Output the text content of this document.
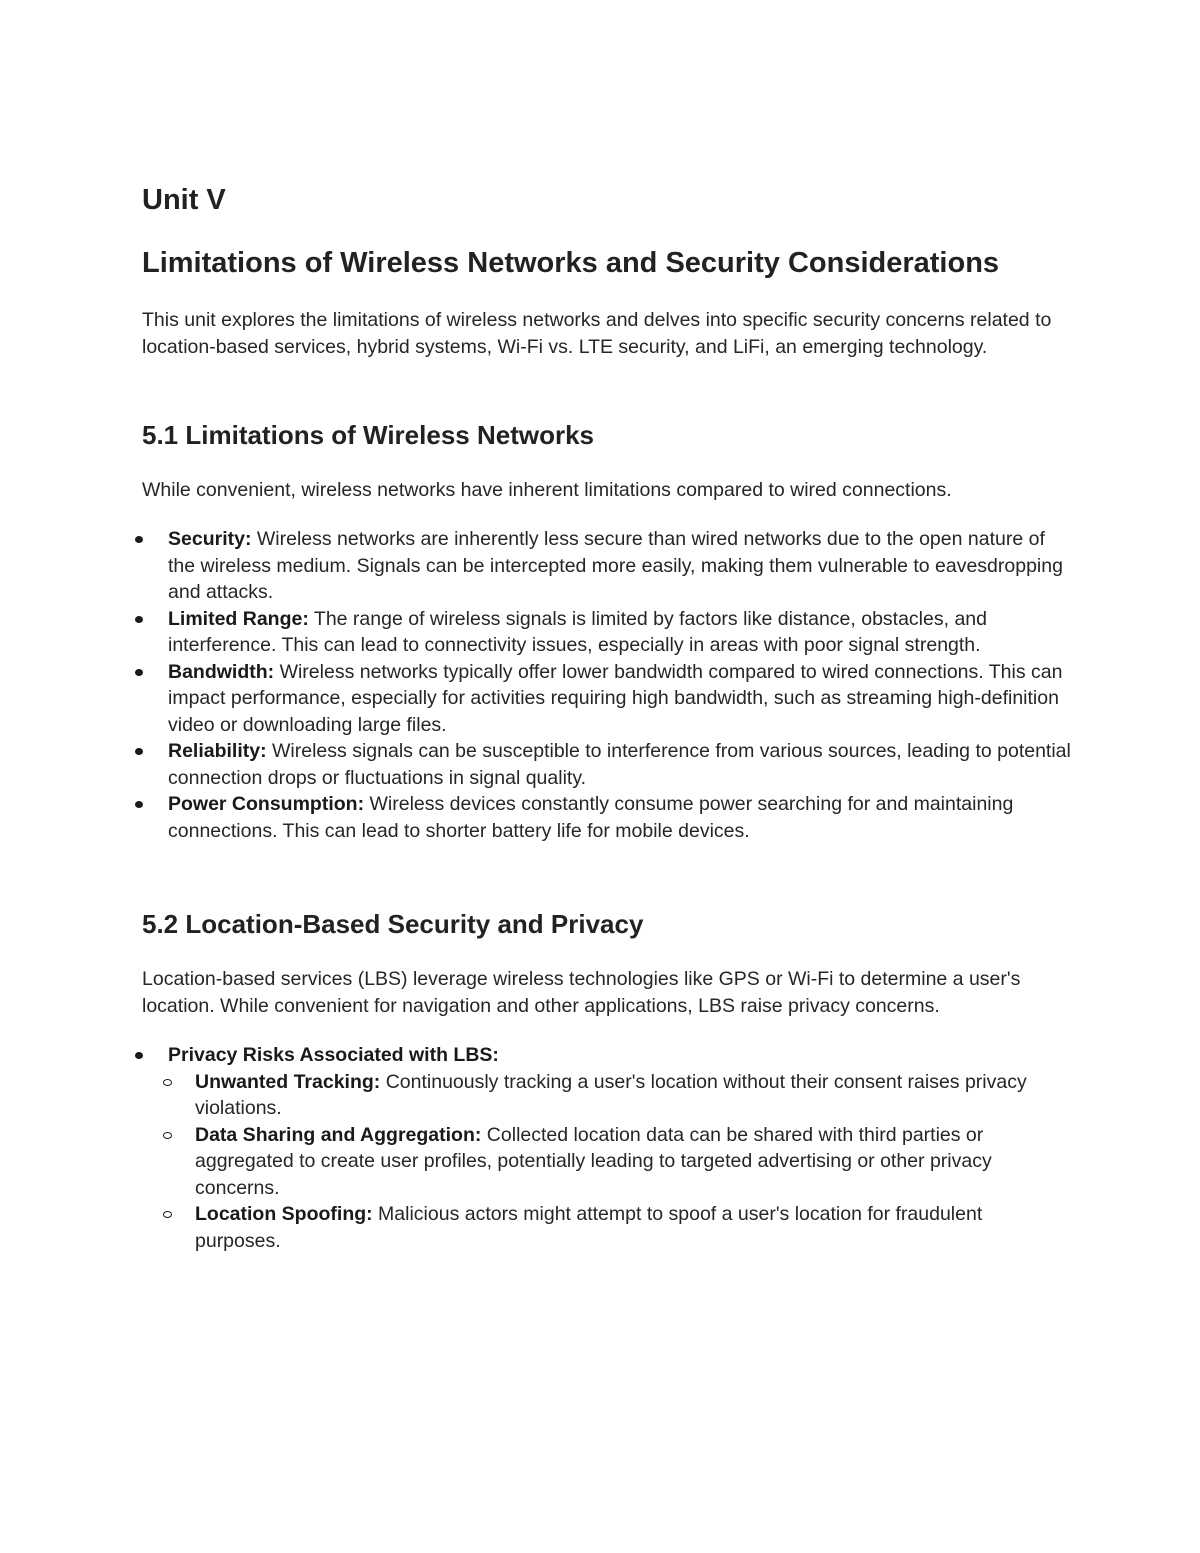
Unit V
Limitations of Wireless Networks and Security Considerations

This unit explores the limitations of wireless networks and delves into specific security concerns related to location-based services, hybrid systems, Wi-Fi vs. LTE security, and LiFi, an emerging technology.

5.1 Limitations of Wireless Networks

While convenient, wireless networks have inherent limitations compared to wired connections.

Security: Wireless networks are inherently less secure than wired networks due to the open nature of the wireless medium. Signals can be intercepted more easily, making them vulnerable to eavesdropping and attacks.
Limited Range: The range of wireless signals is limited by factors like distance, obstacles, and interference. This can lead to connectivity issues, especially in areas with poor signal strength.
Bandwidth: Wireless networks typically offer lower bandwidth compared to wired connections. This can impact performance, especially for activities requiring high bandwidth, such as streaming high-definition video or downloading large files.
Reliability: Wireless signals can be susceptible to interference from various sources, leading to potential connection drops or fluctuations in signal quality.
Power Consumption: Wireless devices constantly consume power searching for and maintaining connections. This can lead to shorter battery life for mobile devices.
5.2 Location-Based Security and Privacy

Location-based services (LBS) leverage wireless technologies like GPS or Wi-Fi to determine a user's location. While convenient for navigation and other applications, LBS raise privacy concerns.

Privacy Risks Associated with LBS:
Unwanted Tracking: Continuously tracking a user's location without their consent raises privacy violations.
Data Sharing and Aggregation: Collected location data can be shared with third parties or aggregated to create user profiles, potentially leading to targeted advertising or other privacy concerns.
Location Spoofing: Malicious actors might attempt to spoof a user's location for fraudulent purposes.
